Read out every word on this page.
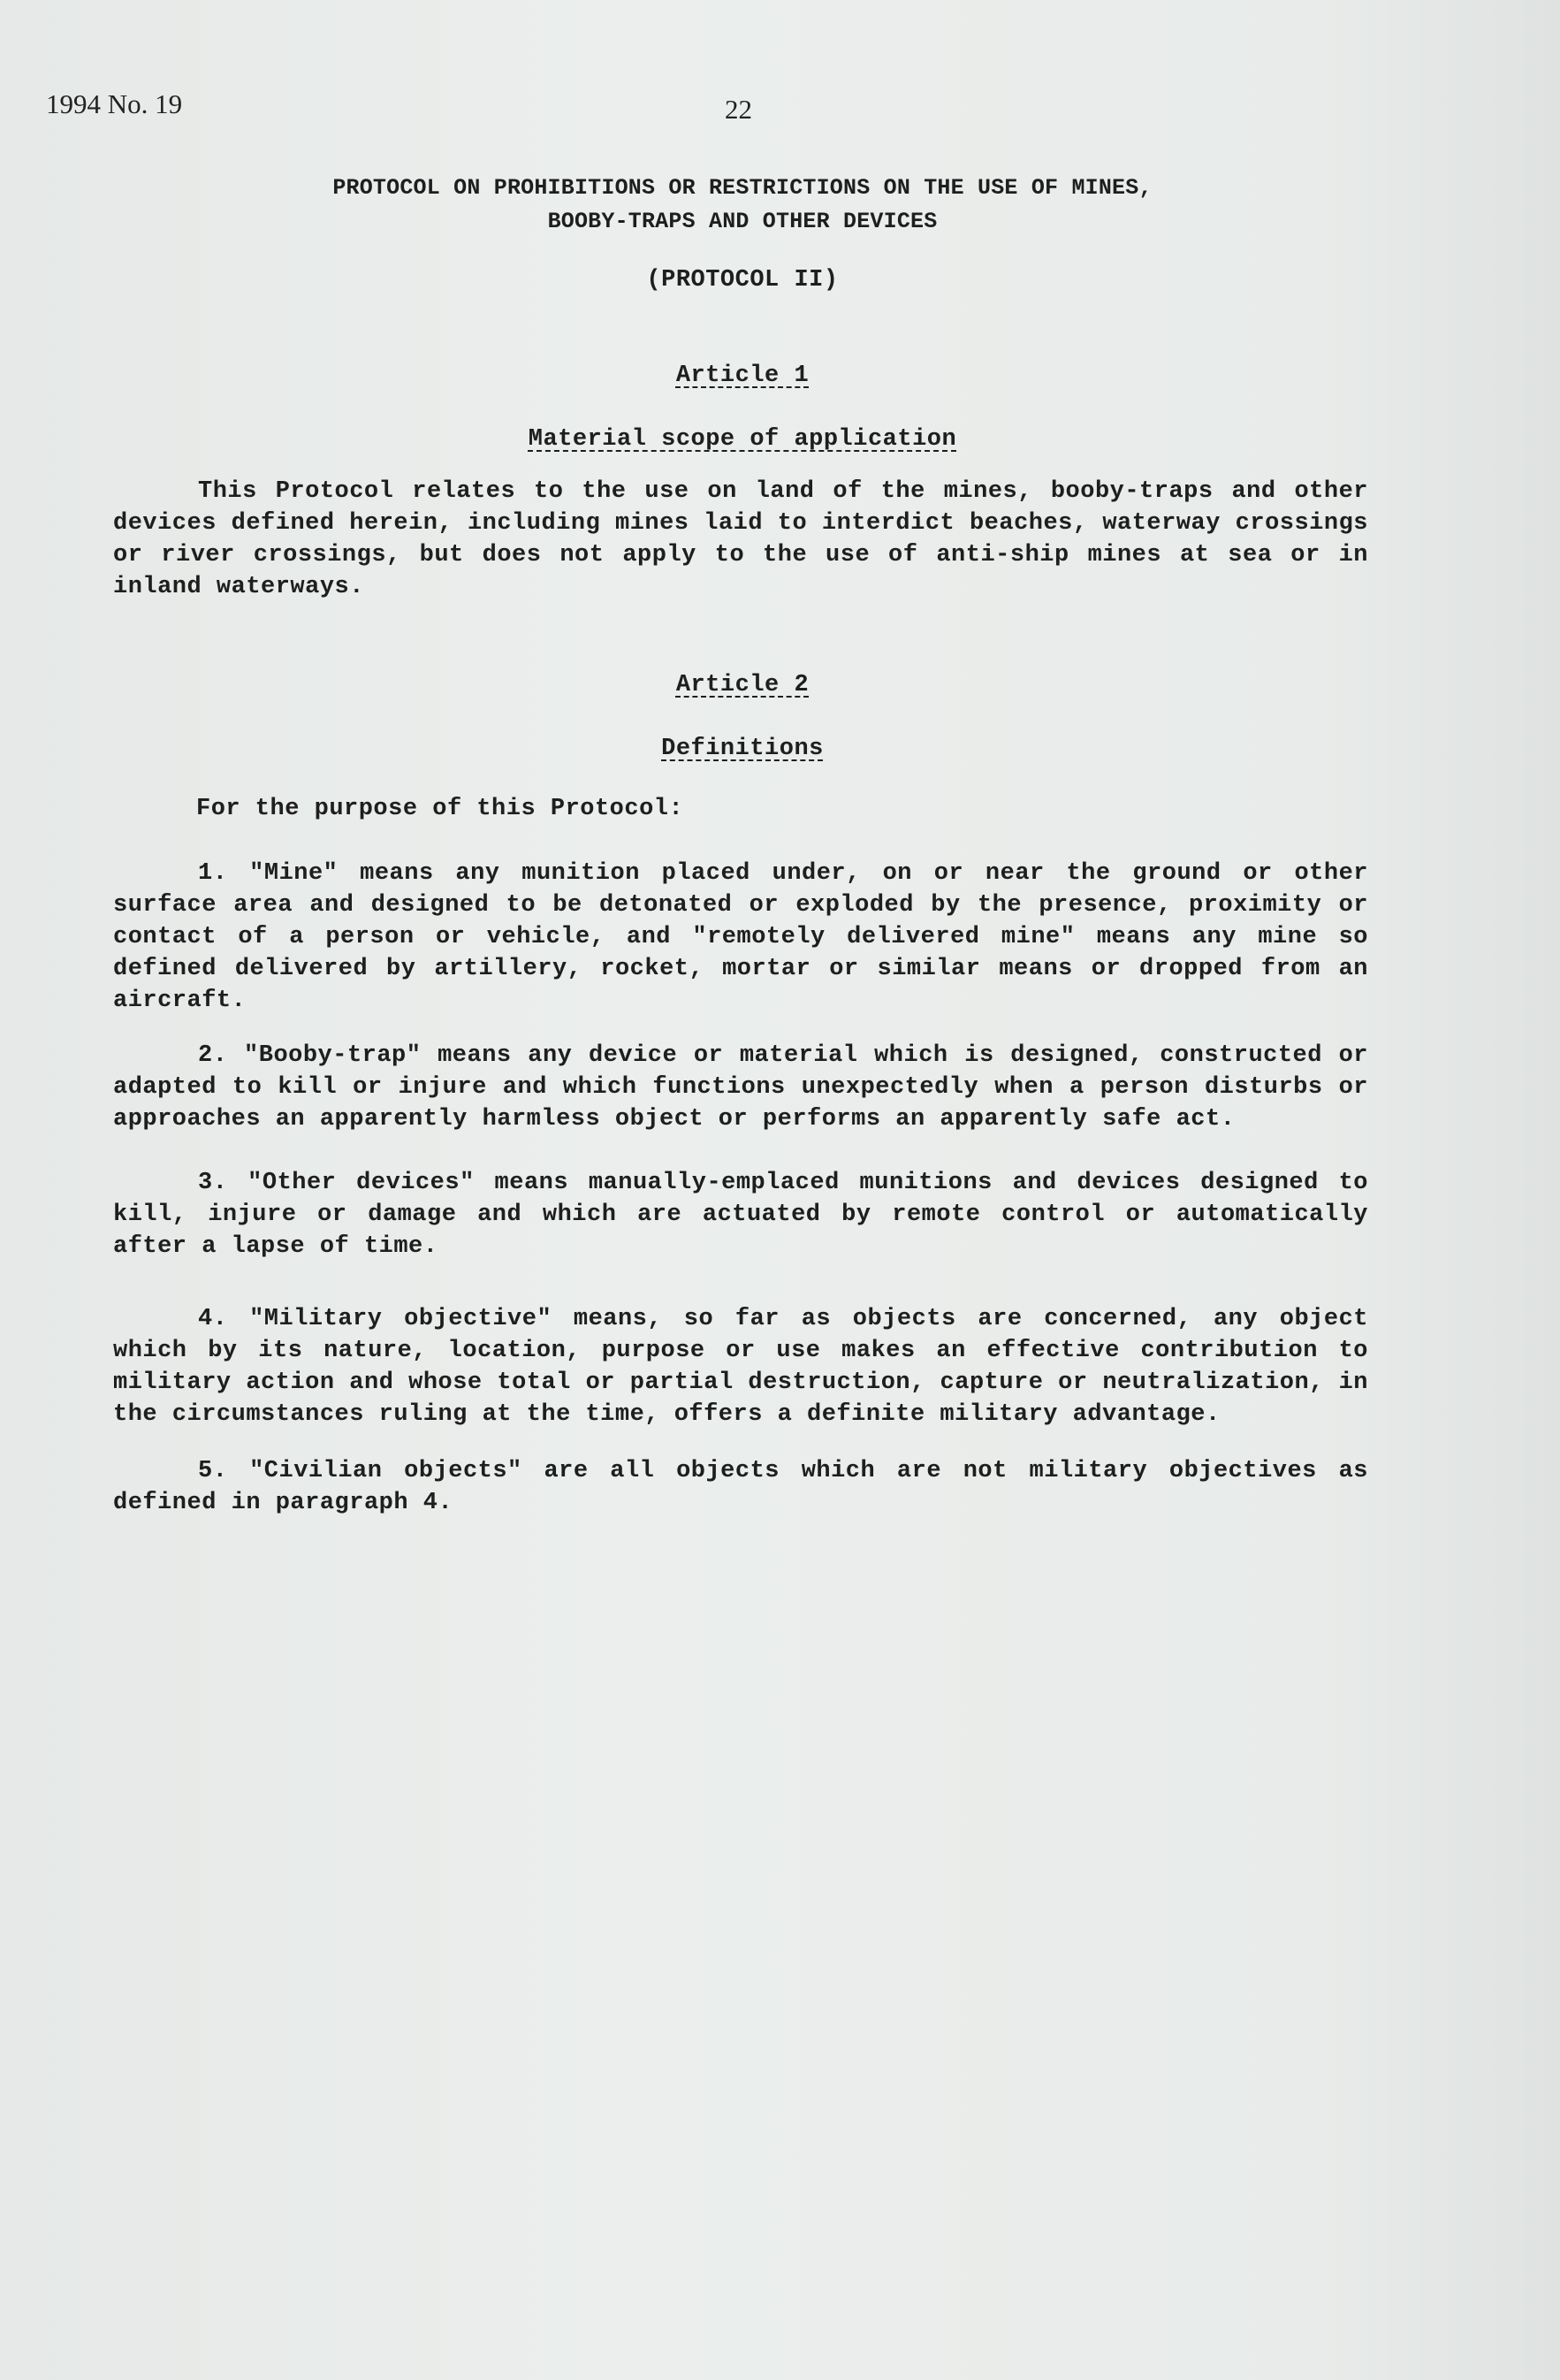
1994 No. 19	22
PROTOCOL ON PROHIBITIONS OR RESTRICTIONS ON THE USE OF MINES,
BOOBY-TRAPS AND OTHER DEVICES
(PROTOCOL II)
Article 1
Material scope of application
This Protocol relates to the use on land of the mines, booby-traps and other devices defined herein, including mines laid to interdict beaches, waterway crossings or river crossings, but does not apply to the use of anti-ship mines at sea or in inland waterways.
Article 2
Definitions
For the purpose of this Protocol:
1. "Mine" means any munition placed under, on or near the ground or other surface area and designed to be detonated or exploded by the presence, proximity or contact of a person or vehicle, and "remotely delivered mine" means any mine so defined delivered by artillery, rocket, mortar or similar means or dropped from an aircraft.
2. "Booby-trap" means any device or material which is designed, constructed or adapted to kill or injure and which functions unexpectedly when a person disturbs or approaches an apparently harmless object or performs an apparently safe act.
3. "Other devices" means manually-emplaced munitions and devices designed to kill, injure or damage and which are actuated by remote control or automatically after a lapse of time.
4. "Military objective" means, so far as objects are concerned, any object which by its nature, location, purpose or use makes an effective contribution to military action and whose total or partial destruction, capture or neutralization, in the circumstances ruling at the time, offers a definite military advantage.
5. "Civilian objects" are all objects which are not military objectives as defined in paragraph 4.
